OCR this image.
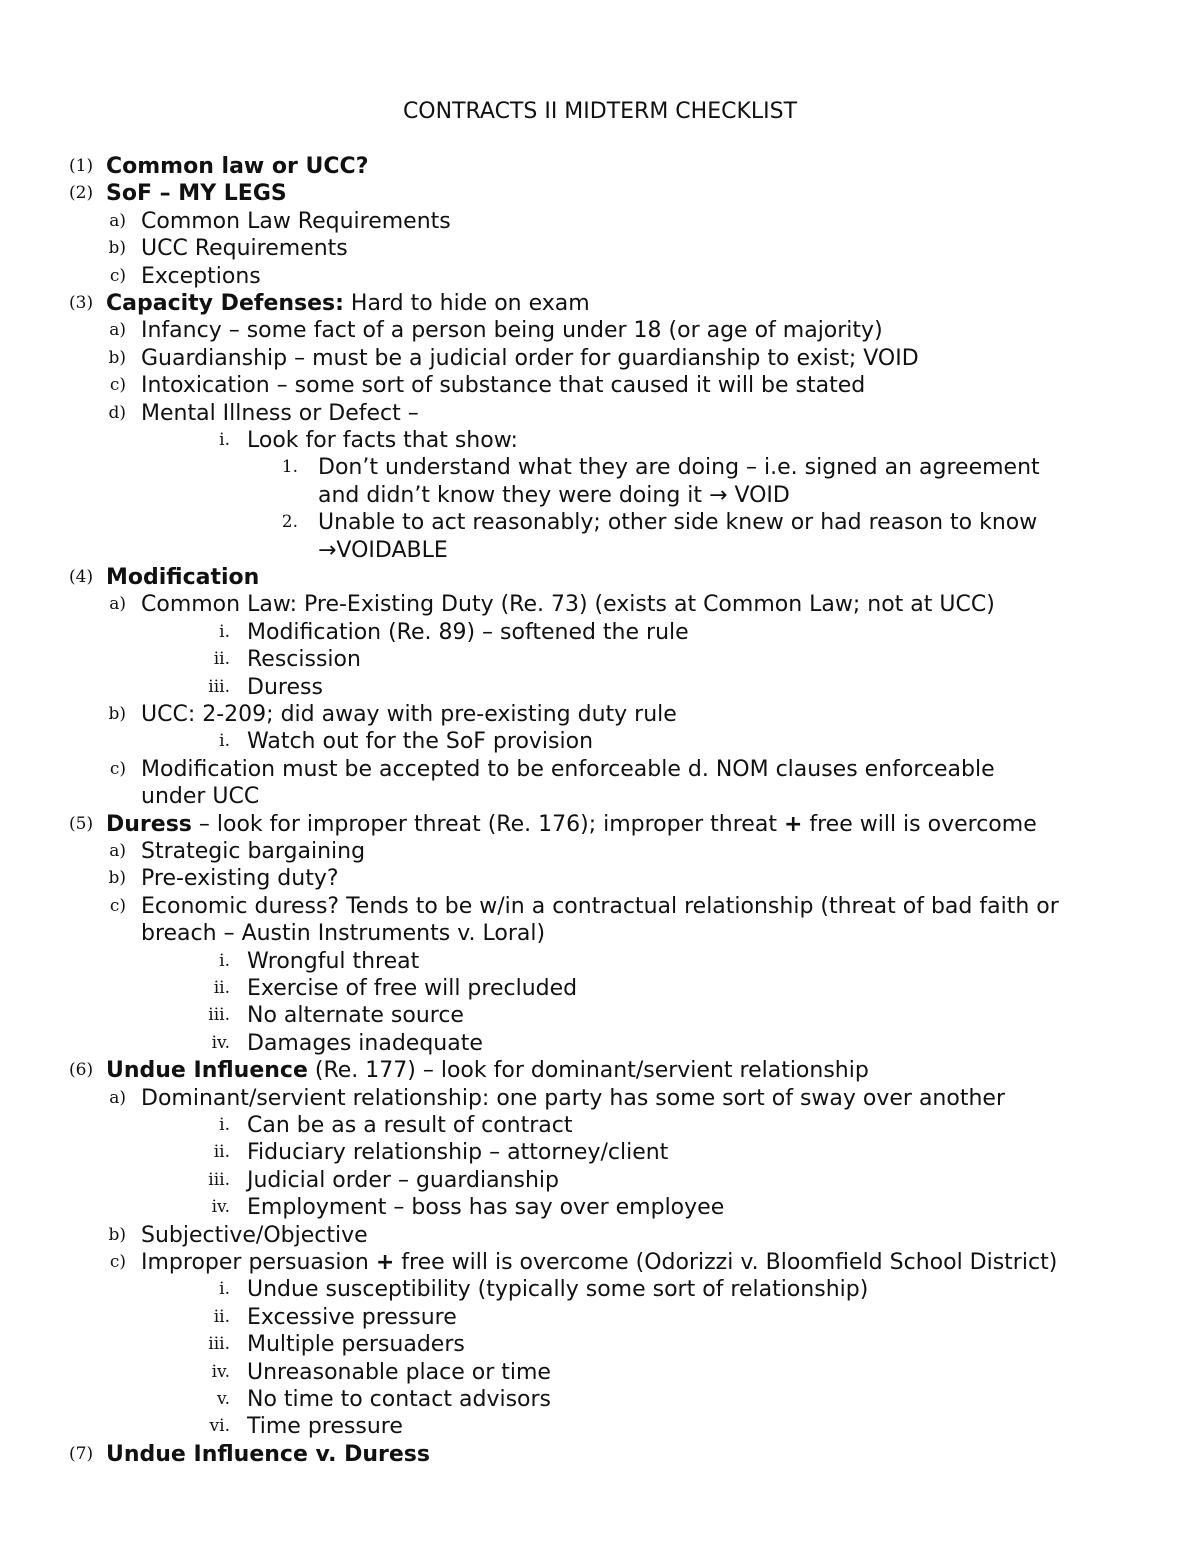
CONTRACTS II MIDTERM CHECKLIST
(1) Common law or UCC?
(2) SoF – MY LEGS
a) Common Law Requirements
b) UCC Requirements
c) Exceptions
(3) Capacity Defenses: Hard to hide on exam
a) Infancy – some fact of a person being under 18 (or age of majority)
b) Guardianship – must be a judicial order for guardianship to exist; VOID
c) Intoxication – some sort of substance that caused it will be stated
d) Mental Illness or Defect –
i. Look for facts that show:
1. Don’t understand what they are doing – i.e. signed an agreement
and didn’t know they were doing it → VOID
2. Unable to act reasonably; other side knew or had reason to know
→VOIDABLE
(4) Modification
a) Common Law: Pre-Existing Duty (Re. 73) (exists at Common Law; not at UCC)
i. Modification (Re. 89) – softened the rule
ii. Rescission
iii. Duress
b) UCC: 2-209; did away with pre-existing duty rule
i. Watch out for the SoF provision
c) Modification must be accepted to be enforceable d. NOM clauses enforceable
under UCC
(5) Duress – look for improper threat (Re. 176); improper threat + free will is overcome
a) Strategic bargaining
b) Pre-existing duty?
c) Economic duress? Tends to be w/in a contractual relationship (threat of bad faith or
breach – Austin Instruments v. Loral)
i. Wrongful threat
ii. Exercise of free will precluded
iii. No alternate source
iv. Damages inadequate
(6) Undue Influence (Re. 177) – look for dominant/servient relationship
a) Dominant/servient relationship: one party has some sort of sway over another
i. Can be as a result of contract
ii. Fiduciary relationship – attorney/client
iii. Judicial order – guardianship
iv. Employment – boss has say over employee
b) Subjective/Objective
c) Improper persuasion + free will is overcome (Odorizzi v. Bloomfield School District)
i. Undue susceptibility (typically some sort of relationship)
ii. Excessive pressure
iii. Multiple persuaders
iv. Unreasonable place or time
v. No time to contact advisors
vi. Time pressure
(7) Undue Influence v. Duress
